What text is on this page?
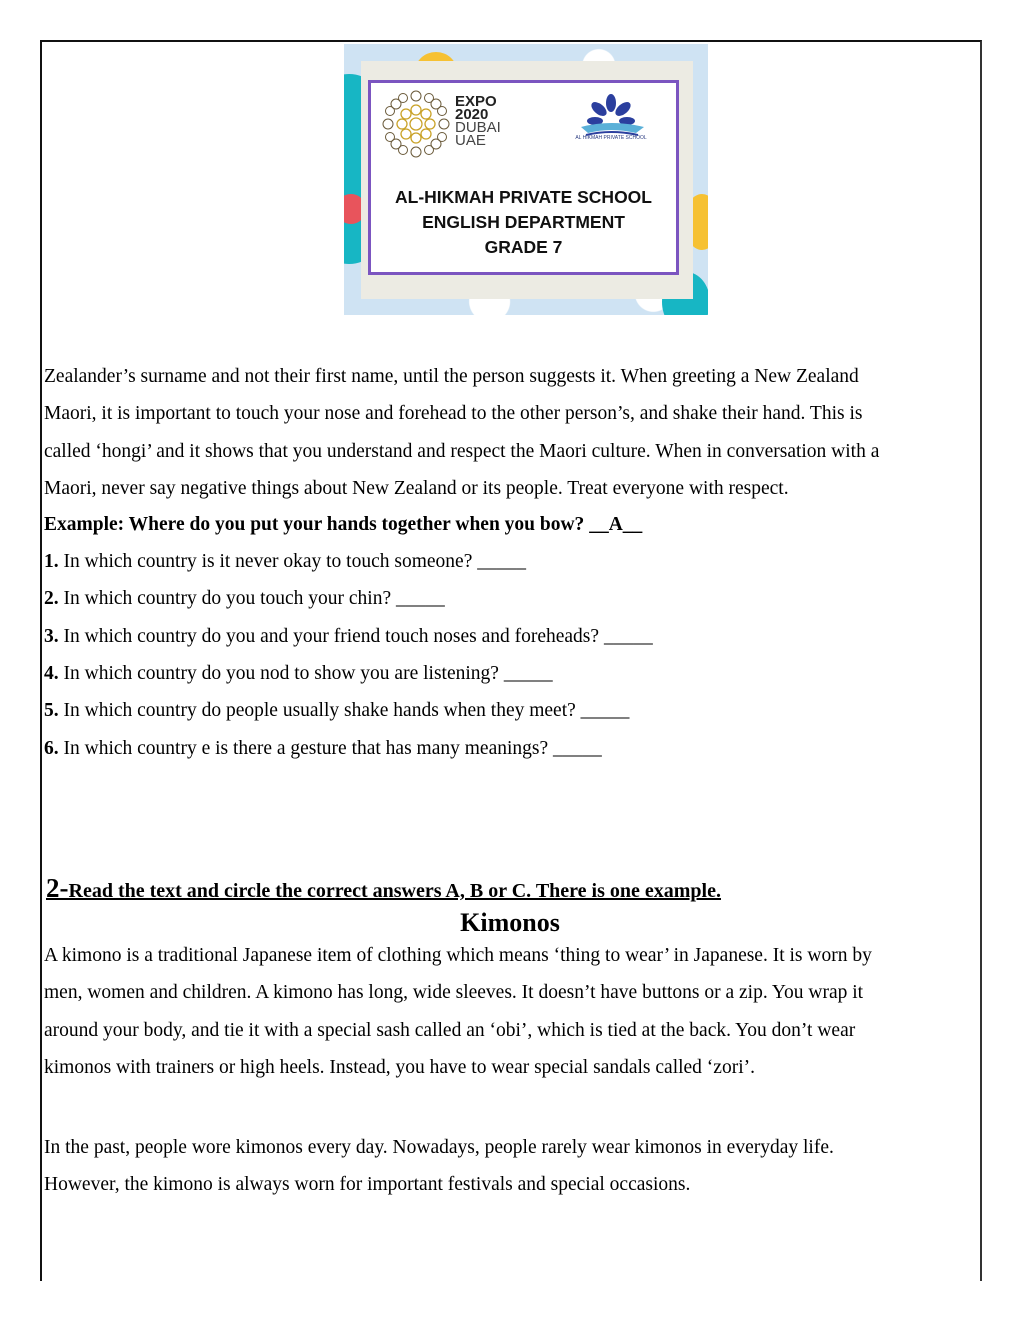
EXPO
2020
DUBAI
UAE	AL HIKMAH PRIVATE SCHOOL
AL-HIKMAH PRIVATE SCHOOL
ENGLISH DEPARTMENT
GRADE 7
Zealander’s surname and not their first name, until the person suggests it. When greeting a New Zealand
Maori, it is important to touch your nose and forehead to the other person’s, and shake their hand. This is
called ‘hongi’ and it shows that you understand and respect the Maori culture. When in conversation with a
Maori, never say negative things about New Zealand or its people. Treat everyone with respect.
Example: Where do you put your hands together when you bow? __A__
1. In which country is it never okay to touch someone? _____
2. In which country do you touch your chin? _____
3. In which country do you and your friend touch noses and foreheads? _____
4. In which country do you nod to show you are listening? _____
5. In which country do people usually shake hands when they meet? _____
6. In which country e is there a gesture that has many meanings? _____
2-Read the text and circle the correct answers A, B or C. There is one example.
Kimonos
A kimono is a traditional Japanese item of clothing which means ‘thing to wear’ in Japanese. It is worn by
men, women and children. A kimono has long, wide sleeves. It doesn’t have buttons or a zip. You wrap it
around your body, and tie it with a special sash called an ‘obi’, which is tied at the back. You don’t wear
kimonos with trainers or high heels. Instead, you have to wear special sandals called ‘zori’.
In the past, people wore kimonos every day. Nowadays, people rarely wear kimonos in everyday life.
However, the kimono is always worn for important festivals and special occasions.
